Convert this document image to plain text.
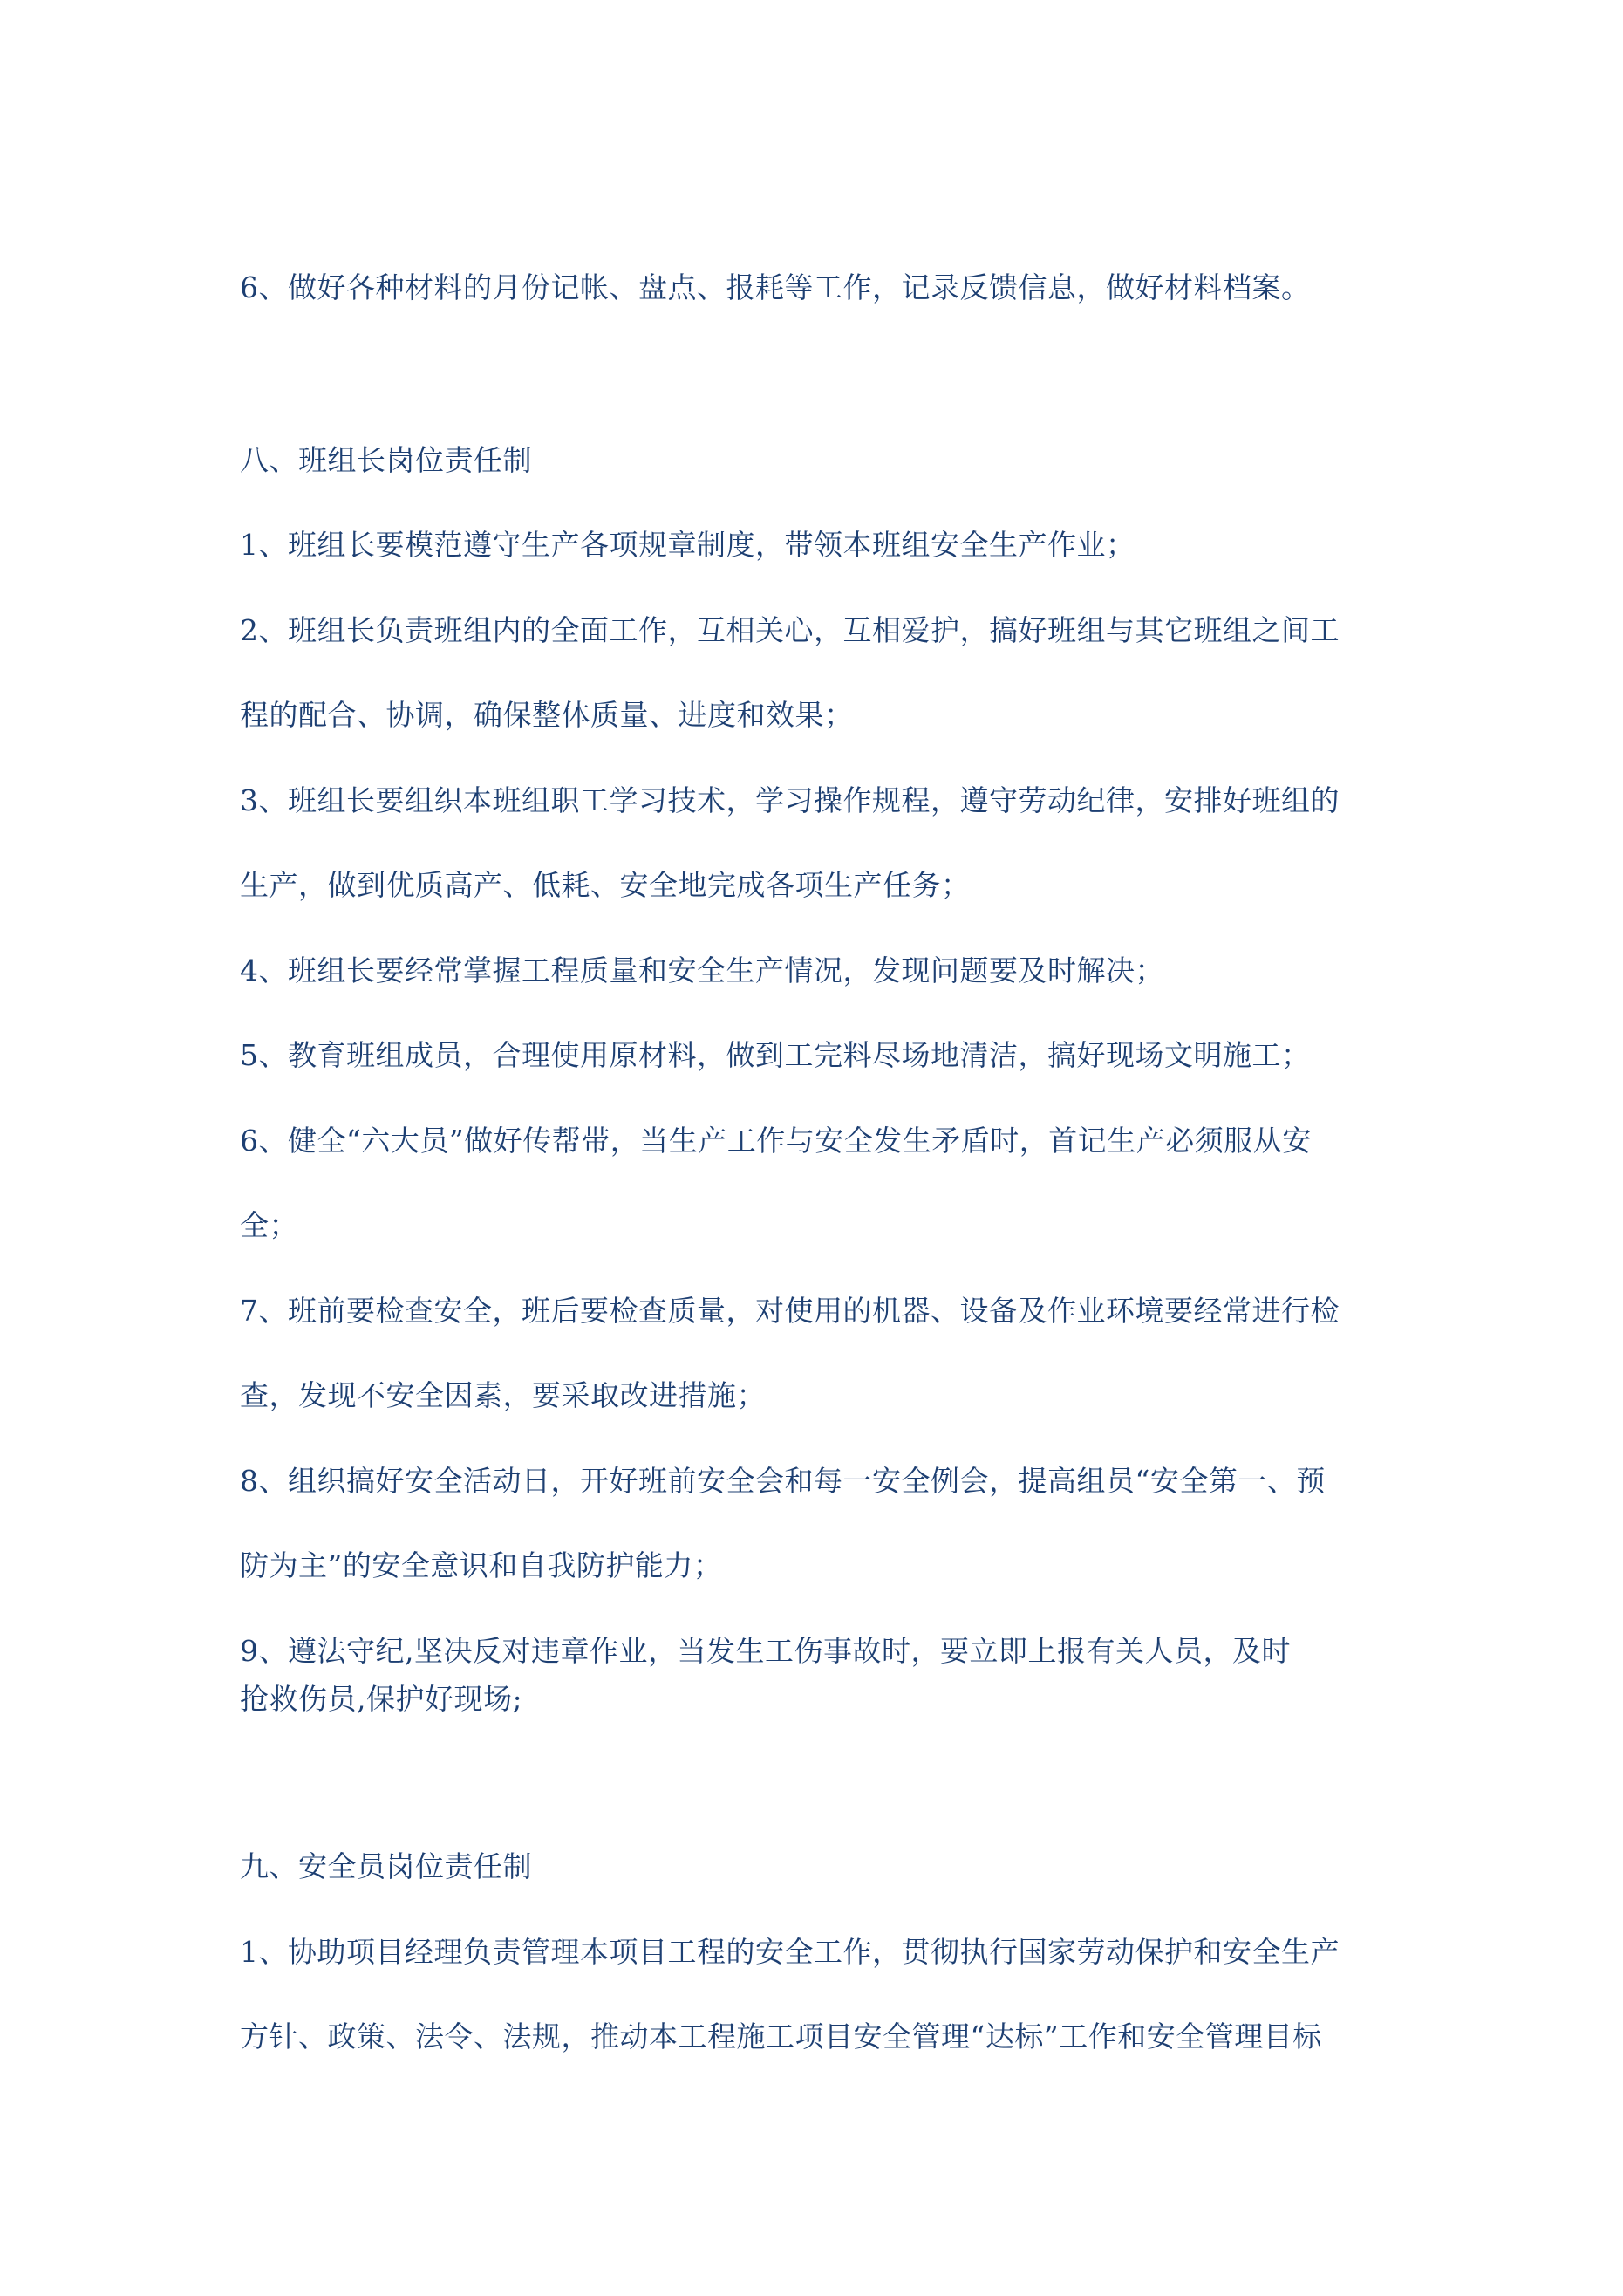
6、做好各种材料的月份记帐、盘点、报耗等工作，记录反馈信息，做好材料档案。

八、班组长岗位责任制

1、班组长要模范遵守生产各项规章制度，带领本班组安全生产作业；

2、班组长负责班组内的全面工作，互相关心，互相爱护，搞好班组与其它班组之间工

程的配合、协调，确保整体质量、进度和效果；

3、班组长要组织本班组职工学习技术，学习操作规程，遵守劳动纪律，安排好班组的

生产，做到优质高产、低耗、安全地完成各项生产任务；

4、班组长要经常掌握工程质量和安全生产情况，发现问题要及时解决；

5、教育班组成员，合理使用原材料，做到工完料尽场地清洁，搞好现场文明施工；

6、健全“六大员”做好传帮带，当生产工作与安全发生矛盾时，首记生产必须服从安

全；

7、班前要检查安全，班后要检查质量，对使用的机器、设备及作业环境要经常进行检

查，发现不安全因素，要采取改进措施；

8、组织搞好安全活动日，开好班前安全会和每一安全例会，提高组员“安全第一、预

防为主”的安全意识和自我防护能力；

9、遵法守纪,坚决反对违章作业，当发生工伤事故时，要立即上报有关人员，及时

抢救伤员,保护好现场;

九、安全员岗位责任制

1、协助项目经理负责管理本项目工程的安全工作，贯彻执行国家劳动保护和安全生产

方针、政策、法令、法规，推动本工程施工项目安全管理“达标”工作和安全管理目标
